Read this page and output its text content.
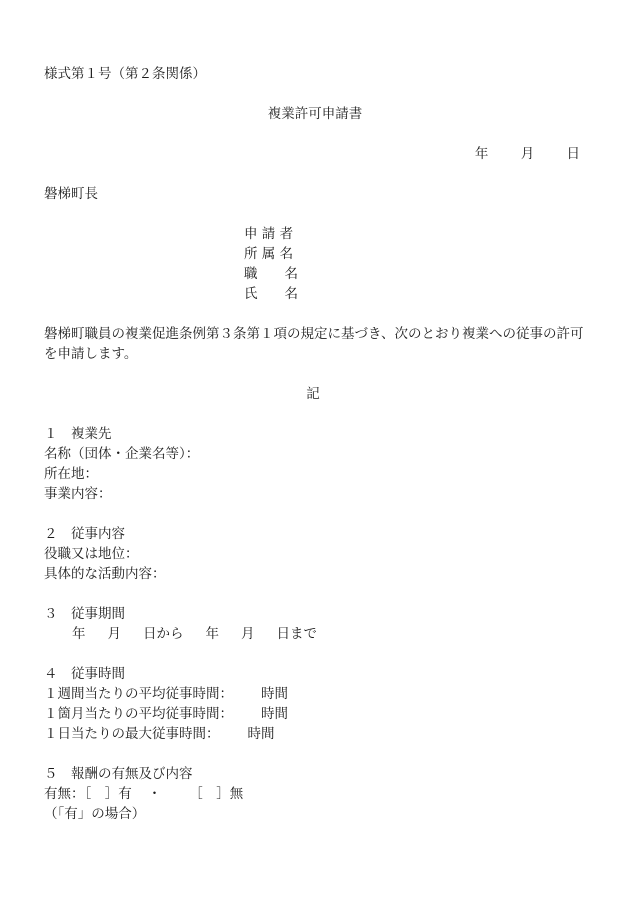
様式第１号（第２条関係）
複業許可申請書
年 月 日
磐梯町長
申 請 者
所 属 名
職　　名
氏　　名
磐梯町職員の複業促進条例第３条第１項の規定に基づき、次のとおり複業への従事の許可を申請します。
記
１　複業先
名称（団体・企業名等）：
所在地：
事業内容：
２　従事内容
役職又は地位：
具体的な活動内容：
３　従事期間
年 月 日から 年 月 日まで
４　従事時間
１週間当たりの平均従事時間： 時間
１箇月当たりの平均従事時間： 時間
１日当たりの最大従事時間： 時間
５　報酬の有無及び内容
有無：［　］有 ・ ［　］無
（「有」の場合）
